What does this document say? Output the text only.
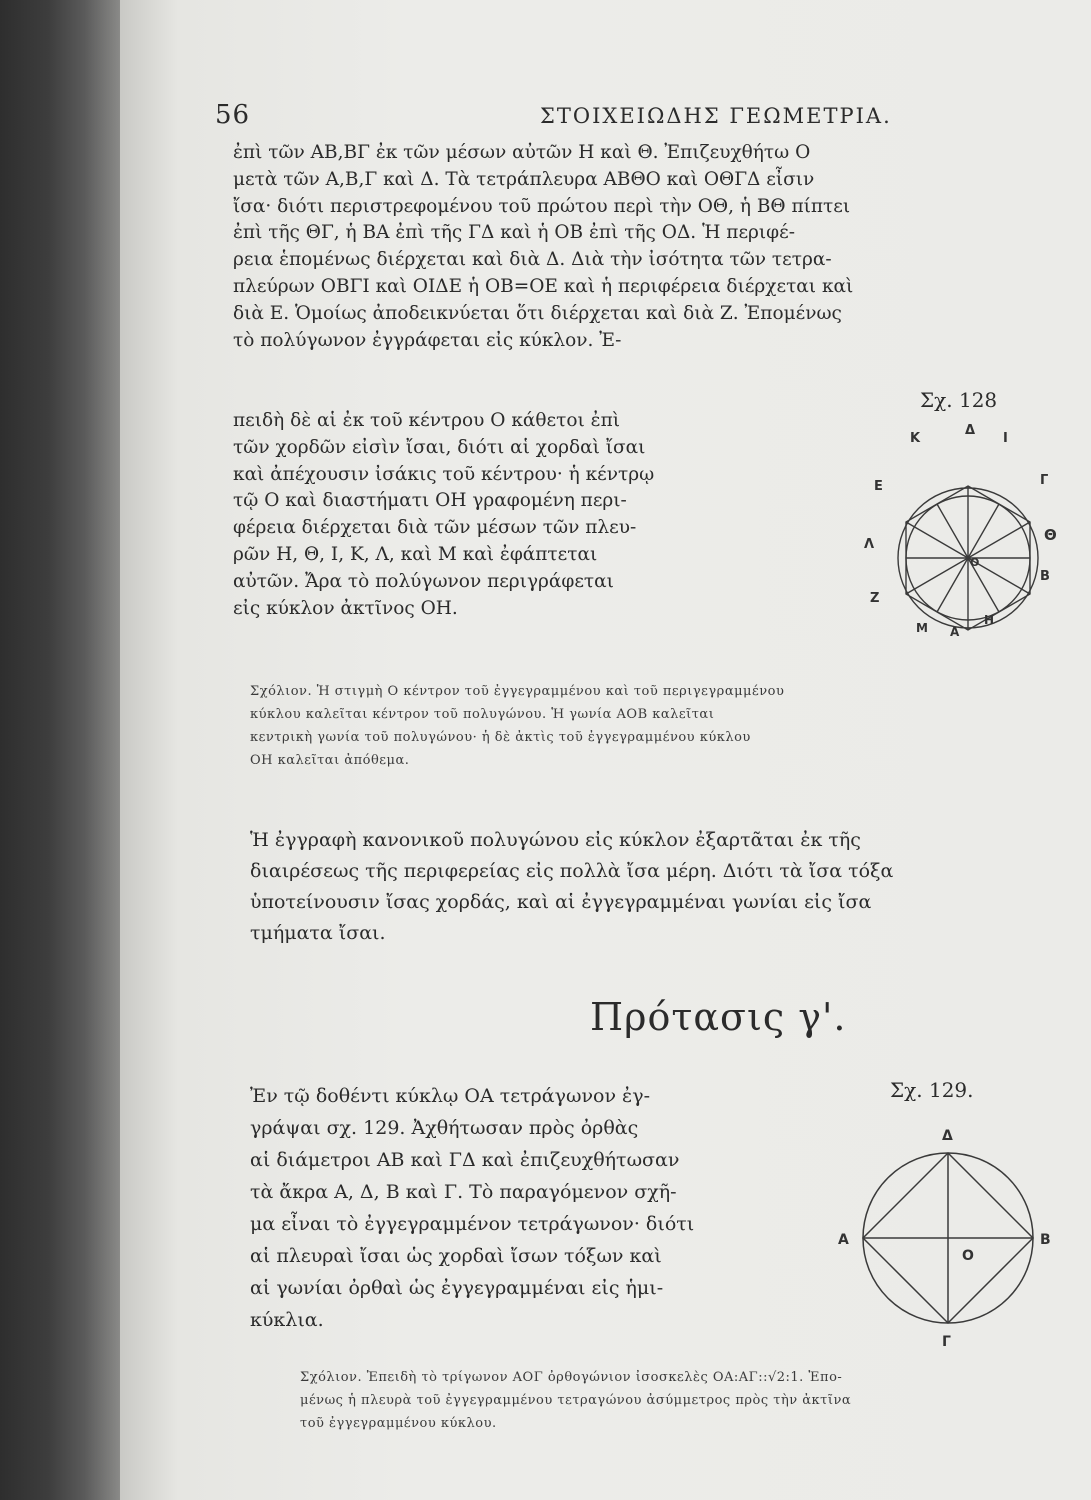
56	ΣΤΟΙΧΕΙΩΔΗΣ ΓΕΩΜΕΤΡΙΑ.

ἐπὶ τῶν ΑΒ,ΒΓ ἐκ τῶν μέσων αὐτῶν Η καὶ Θ. Ἐπιζευχθήτω Ο

μετὰ τῶν Α,Β,Γ καὶ Δ. Τὰ τετράπλευρα ΑΒΘΟ καὶ ΟΘΓΔ εἶσιν

ἴσα· διότι περιστρεφομένου τοῦ πρώτου περὶ τὴν ΟΘ, ἡ ΒΘ πίπτει

ἐπὶ τῆς ΘΓ, ἡ ΒΑ ἐπὶ τῆς ΓΔ καὶ ἡ ΟΒ ἐπὶ τῆς ΟΔ. Ἡ περιφέ-

ρεια ἑπομένως διέρχεται καὶ διὰ Δ. Διὰ τὴν ἰσότητα τῶν τετρα-

πλεύρων ΟΒΓΙ καὶ ΟΙΔΕ ἡ ΟΒ=ΟΕ καὶ ἡ περιφέρεια διέρχεται καὶ

διὰ Ε. Ὁμοίως ἀποδεικνύεται ὅτι διέρχεται καὶ διὰ Ζ. Ἐπομένως

τὸ πολύγωνον ἐγγράφεται εἰς κύκλον. Ἐ-

πειδὴ δὲ αἱ ἐκ τοῦ κέντρου Ο κάθετοι ἐπὶ

τῶν χορδῶν εἰσὶν ἴσαι, διότι αἱ χορδαὶ ἴσαι

καὶ ἀπέχουσιν ἰσάκις τοῦ κέντρου· ἡ κέντρῳ

τῷ Ο καὶ διαστήματι ΟΗ γραφομένη περι-

φέρεια διέρχεται διὰ τῶν μέσων τῶν πλευ-

ρῶν Η, Θ, Ι, Κ, Λ, καὶ Μ καὶ ἐφάπτεται

αὐτῶν. Ἄρα τὸ πολύγωνον περιγράφεται

εἰς κύκλον ἀκτῖνος ΟΗ.

Σχ. 128
Κ
Δ
Ι
Γ
Ε
Λ
Θ
Ο
Β
Ζ
Μ Α
Η

Σχόλιον. Ἡ στιγμὴ Ο κέντρον τοῦ ἐγγεγραμμένου καὶ τοῦ περιγεγραμμένου

κύκλου καλεῖται κέντρον τοῦ πολυγώνου. Ἡ γωνία ΑΟΒ καλεῖται

κεντρικὴ γωνία τοῦ πολυγώνου· ἡ δὲ ἀκτὶς τοῦ ἐγγεγραμμένου κύκλου

ΟΗ καλεῖται ἀπόθεμα.

Ἡ ἐγγραφὴ κανονικοῦ πολυγώνου εἰς κύκλον ἐξαρτᾶται ἐκ τῆς

διαιρέσεως τῆς περιφερείας εἰς πολλὰ ἴσα μέρη. Διότι τὰ ἴσα τόξα

ὑποτείνουσιν ἴσας χορδάς, καὶ αἱ ἐγγεγραμμέναι γωνίαι εἰς ἴσα

τμήματα ἴσαι.

Πρότασις γ'.

Ἐν τῷ δοθέντι κύκλῳ ΟΑ τετράγωνον ἐγ-

γράψαι σχ. 129. Ἀχθήτωσαν πρὸς ὀρθὰς

αἱ διάμετροι ΑΒ καὶ ΓΔ καὶ ἐπιζευχθήτωσαν

τὰ ἄκρα Α, Δ, Β καὶ Γ. Τὸ παραγόμενον σχῆ-

μα εἶναι τὸ ἐγγεγραμμένον τετράγωνον· διότι

αἱ πλευραὶ ἴσαι ὡς χορδαὶ ἴσων τόξων καὶ

αἱ γωνίαι ὀρθαὶ ὡς ἐγγεγραμμέναι εἰς ἡμι-

κύκλια.

Σχ. 129.
Δ
Α	Β
Ο
Γ

Σχόλιον. Ἐπειδὴ τὸ τρίγωνον ΑΟΓ ὀρθογώνιον ἰσοσκελὲς ΟΑ:ΑΓ::√2:1. Ἐπο-

μένως ἡ πλευρὰ τοῦ ἐγγεγραμμένου τετραγώνου ἀσύμμετρος πρὸς τὴν ἀκτῖνα

τοῦ ἐγγεγραμμένου κύκλου.
